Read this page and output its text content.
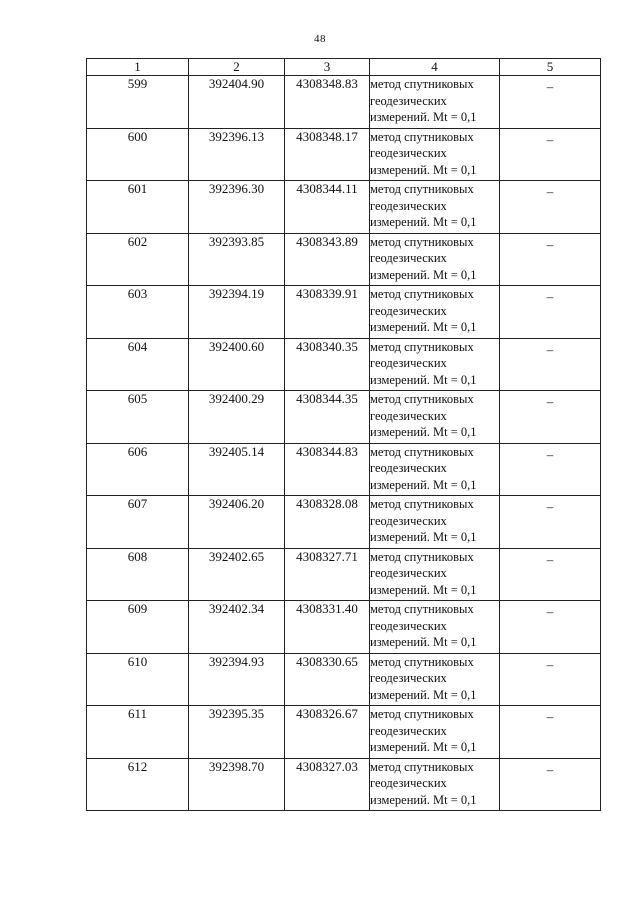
48
1	2	3	4	5
599	392404.90	4308348.83	метод спутниковых
геодезических
измерений. Mt = 0,1	–
600	392396.13	4308348.17	метод спутниковых
геодезических
измерений. Mt = 0,1	–
601	392396.30	4308344.11	метод спутниковых
геодезических
измерений. Mt = 0,1	–
602	392393.85	4308343.89	метод спутниковых
геодезических
измерений. Mt = 0,1	–
603	392394.19	4308339.91	метод спутниковых
геодезических
измерений. Mt = 0,1	–
604	392400.60	4308340.35	метод спутниковых
геодезических
измерений. Mt = 0,1	–
605	392400.29	4308344.35	метод спутниковых
геодезических
измерений. Mt = 0,1	–
606	392405.14	4308344.83	метод спутниковых
геодезических
измерений. Mt = 0,1	–
607	392406.20	4308328.08	метод спутниковых
геодезических
измерений. Mt = 0,1	–
608	392402.65	4308327.71	метод спутниковых
геодезических
измерений. Mt = 0,1	–
609	392402.34	4308331.40	метод спутниковых
геодезических
измерений. Mt = 0,1	–
610	392394.93	4308330.65	метод спутниковых
геодезических
измерений. Mt = 0,1	–
611	392395.35	4308326.67	метод спутниковых
геодезических
измерений. Mt = 0,1	–
612	392398.70	4308327.03	метод спутниковых
геодезических
измерений. Mt = 0,1	–
